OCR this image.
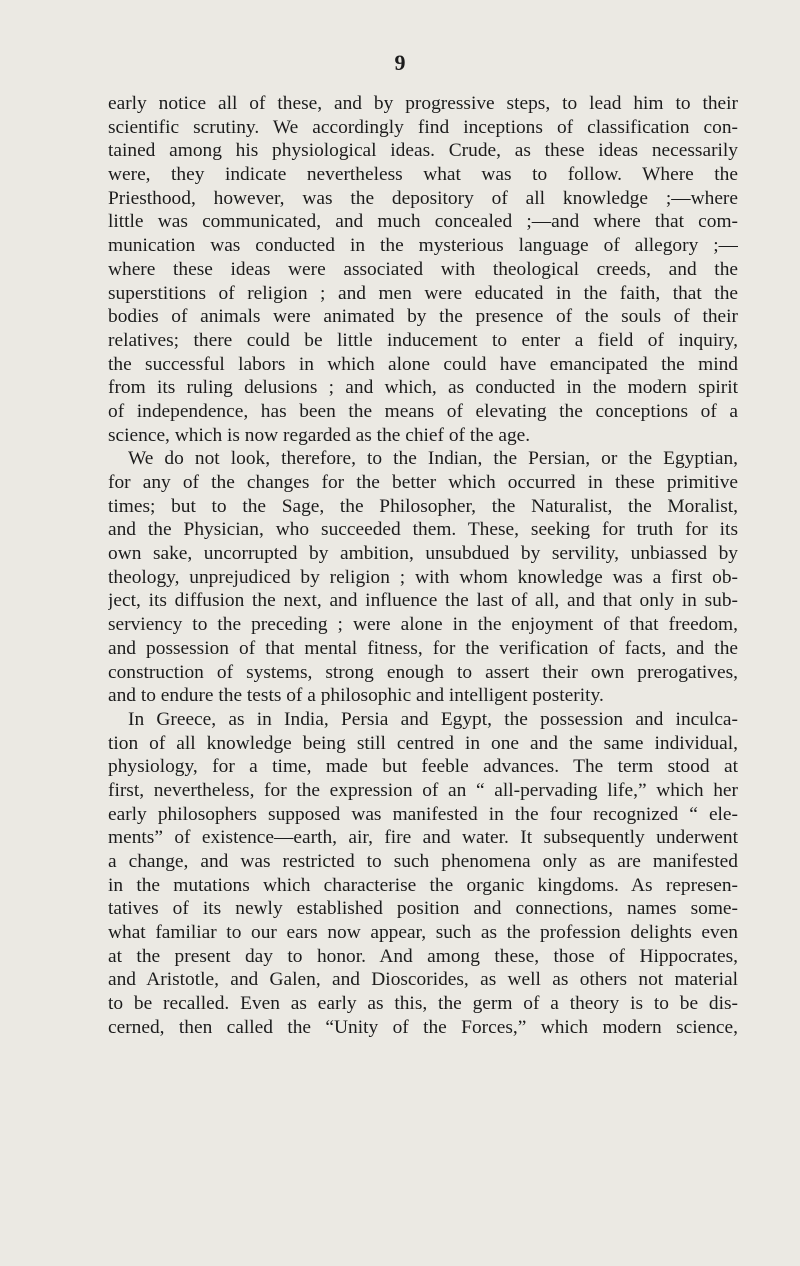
9
early notice all of these, and by progressive steps, to lead him to their
scientific scrutiny. We accordingly find inceptions of classification con-
tained among his physiological ideas. Crude, as these ideas necessarily
were, they indicate nevertheless what was to follow. Where the
Priesthood, however, was the depository of all knowledge ;—where
little was communicated, and much concealed ;—and where that com-
munication was conducted in the mysterious language of allegory ;—
where these ideas were associated with theological creeds, and the
superstitions of religion ; and men were educated in the faith, that the
bodies of animals were animated by the presence of the souls of their
relatives; there could be little inducement to enter a field of inquiry,
the successful labors in which alone could have emancipated the mind
from its ruling delusions ; and which, as conducted in the modern spirit
of independence, has been the means of elevating the conceptions of a
science, which is now regarded as the chief of the age.
We do not look, therefore, to the Indian, the Persian, or the Egyptian,
for any of the changes for the better which occurred in these primitive
times; but to the Sage, the Philosopher, the Naturalist, the Moralist,
and the Physician, who succeeded them. These, seeking for truth for its
own sake, uncorrupted by ambition, unsubdued by servility, unbiassed by
theology, unprejudiced by religion ; with whom knowledge was a first ob-
ject, its diffusion the next, and influence the last of all, and that only in sub-
serviency to the preceding ; were alone in the enjoyment of that freedom,
and possession of that mental fitness, for the verification of facts, and the
construction of systems, strong enough to assert their own prerogatives,
and to endure the tests of a philosophic and intelligent posterity.
In Greece, as in India, Persia and Egypt, the possession and inculca-
tion of all knowledge being still centred in one and the same individual,
physiology, for a time, made but feeble advances. The term stood at
first, nevertheless, for the expression of an “ all-pervading life,” which her
early philosophers supposed was manifested in the four recognized “ ele-
ments” of existence—earth, air, fire and water. It subsequently underwent
a change, and was restricted to such phenomena only as are manifested
in the mutations which characterise the organic kingdoms. As represen-
tatives of its newly established position and connections, names some-
what familiar to our ears now appear, such as the profession delights even
at the present day to honor. And among these, those of Hippocrates,
and Aristotle, and Galen, and Dioscorides, as well as others not material
to be recalled. Even as early as this, the germ of a theory is to be dis-
cerned, then called the “Unity of the Forces,” which modern science,
